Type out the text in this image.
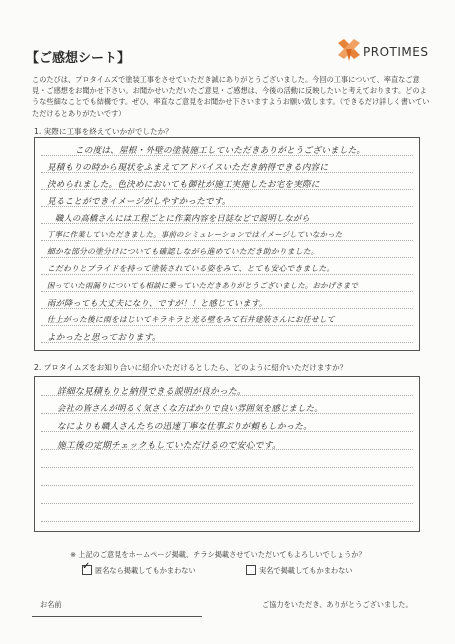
【ご感想シート】	PROTIMES
このたびは、プロタイムズで塗装工事をさせていただき誠にありがとうございました。今回の工事について、率直なご意見・ご感想をお聞かせ下さい。お聞かせいただいたご意見・ご感想は、今後の活動に反映したいと考えております。どのような些細なことでも結構です。ぜひ、率直なご意見をお聞かせ下さいますようお願い致します。（できるだけ詳しく書いていただけるとありがたいです）
1. 実際に工事を終えていかがでしたか？
この度は、屋根・外壁の塗装施工していただきありがとうございました。
見積もりの時から現状をふまえてアドバイスいただき納得できる内容に
決められました。色決めにおいても御社が施工実施したお宅を実際に
見ることができイメージがしやすかったです。
職人の高橋さんには工程ごとに作業内容を日誌などで説明しながら
丁寧に作業していただきました。事前のシミュレーションではイメージしていなかった
細かな部分の塗分けについても確認しながら進めていただき助かりました。
こだわりとプライドを持って塗装されている姿をみて、とても安心できました。
困っていた雨漏りについても相談に乗っていただきありがとうございました。おかげさまで
雨が降っても大丈夫になり、ですが！！と感じています。
仕上がった後に雨をはじいてキラキラと光る壁をみて石井建装さんにお任せして
よかったと思っております。
2. プロタイムズをお知り合いに紹介いただけるとしたら、どのように紹介いただけますか？
詳細な見積もりと納得できる説明が良かった。
会社の皆さんが明るく気さくな方ばかりで良い雰囲気を感じました。
なによりも職人さんたちの迅速丁寧な仕事ぶりが頼もしかった。
施工後の定期チェックもしていただけるので安心です。
※ 上記のご意見をホームページ掲載、チラシ掲載させていただいてもよろしいでしょうか？
✓ 匿名なら掲載してもかまわない	実名で掲載してもかまわない
お名前	ご協力をいただき、ありがとうございました。
